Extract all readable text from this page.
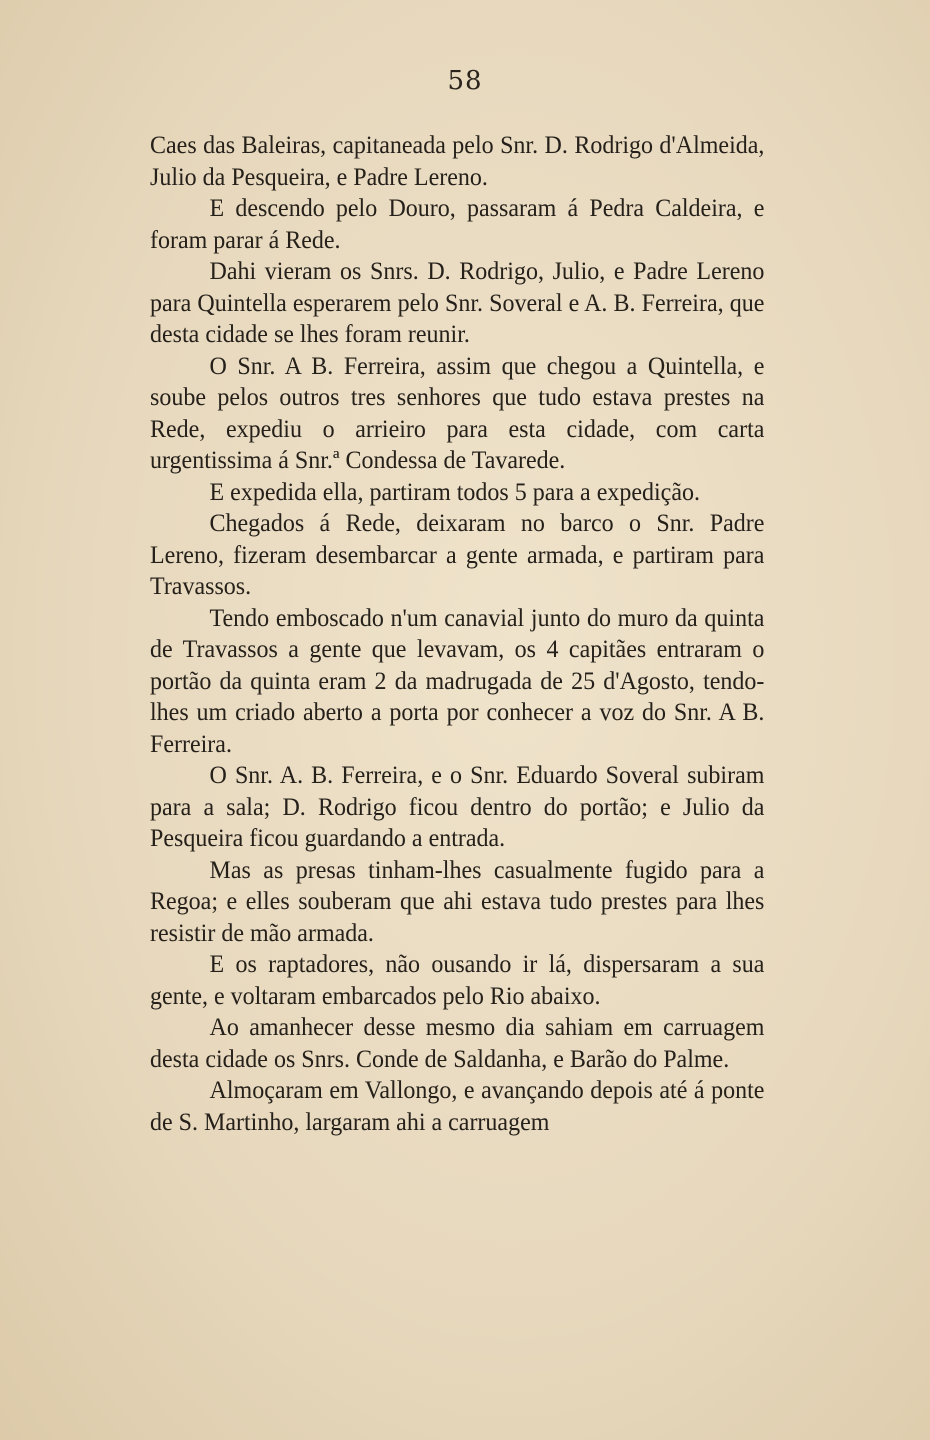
58

Caes das Baleiras, capitaneada pelo Snr. D. Rodrigo d'Almeida, Julio da Pesqueira, e Padre Lereno.

E descendo pelo Douro, passaram á Pedra Caldeira, e foram parar á Rede.

Dahi vieram os Snrs. D. Rodrigo, Julio, e Padre Lereno para Quintella esperarem pelo Snr. Soveral e A. B. Ferreira, que desta cidade se lhes foram reunir.

O Snr. A B. Ferreira, assim que chegou a Quintella, e soube pelos outros tres senhores que tudo estava prestes na Rede, expediu o arrieiro para esta cidade, com carta urgentissima á Snr.ª Condessa de Tavarede.

E expedida ella, partiram todos 5 para a expedição.

Chegados á Rede, deixaram no barco o Snr. Padre Lereno, fizeram desembarcar a gente armada, e partiram para Travassos.

Tendo emboscado n'um canavial junto do muro da quinta de Travassos a gente que levavam, os 4 capitães entraram o portão da quinta eram 2 da madrugada de 25 d'Agosto, tendo-lhes um criado aberto a porta por conhecer a voz do Snr. A B. Ferreira.

O Snr. A. B. Ferreira, e o Snr. Eduardo Soveral subiram para a sala; D. Rodrigo ficou dentro do portão; e Julio da Pesqueira ficou guardando a entrada.

Mas as presas tinham-lhes casualmente fugido para a Regoa; e elles souberam que ahi estava tudo prestes para lhes resistir de mão armada.

E os raptadores, não ousando ir lá, dispersaram a sua gente, e voltaram embarcados pelo Rio abaixo.

Ao amanhecer desse mesmo dia sahiam em carruagem desta cidade os Snrs. Conde de Saldanha, e Barão do Palme.

Almoçaram em Vallongo, e avançando depois até á ponte de S. Martinho, largaram ahi a carruagem
